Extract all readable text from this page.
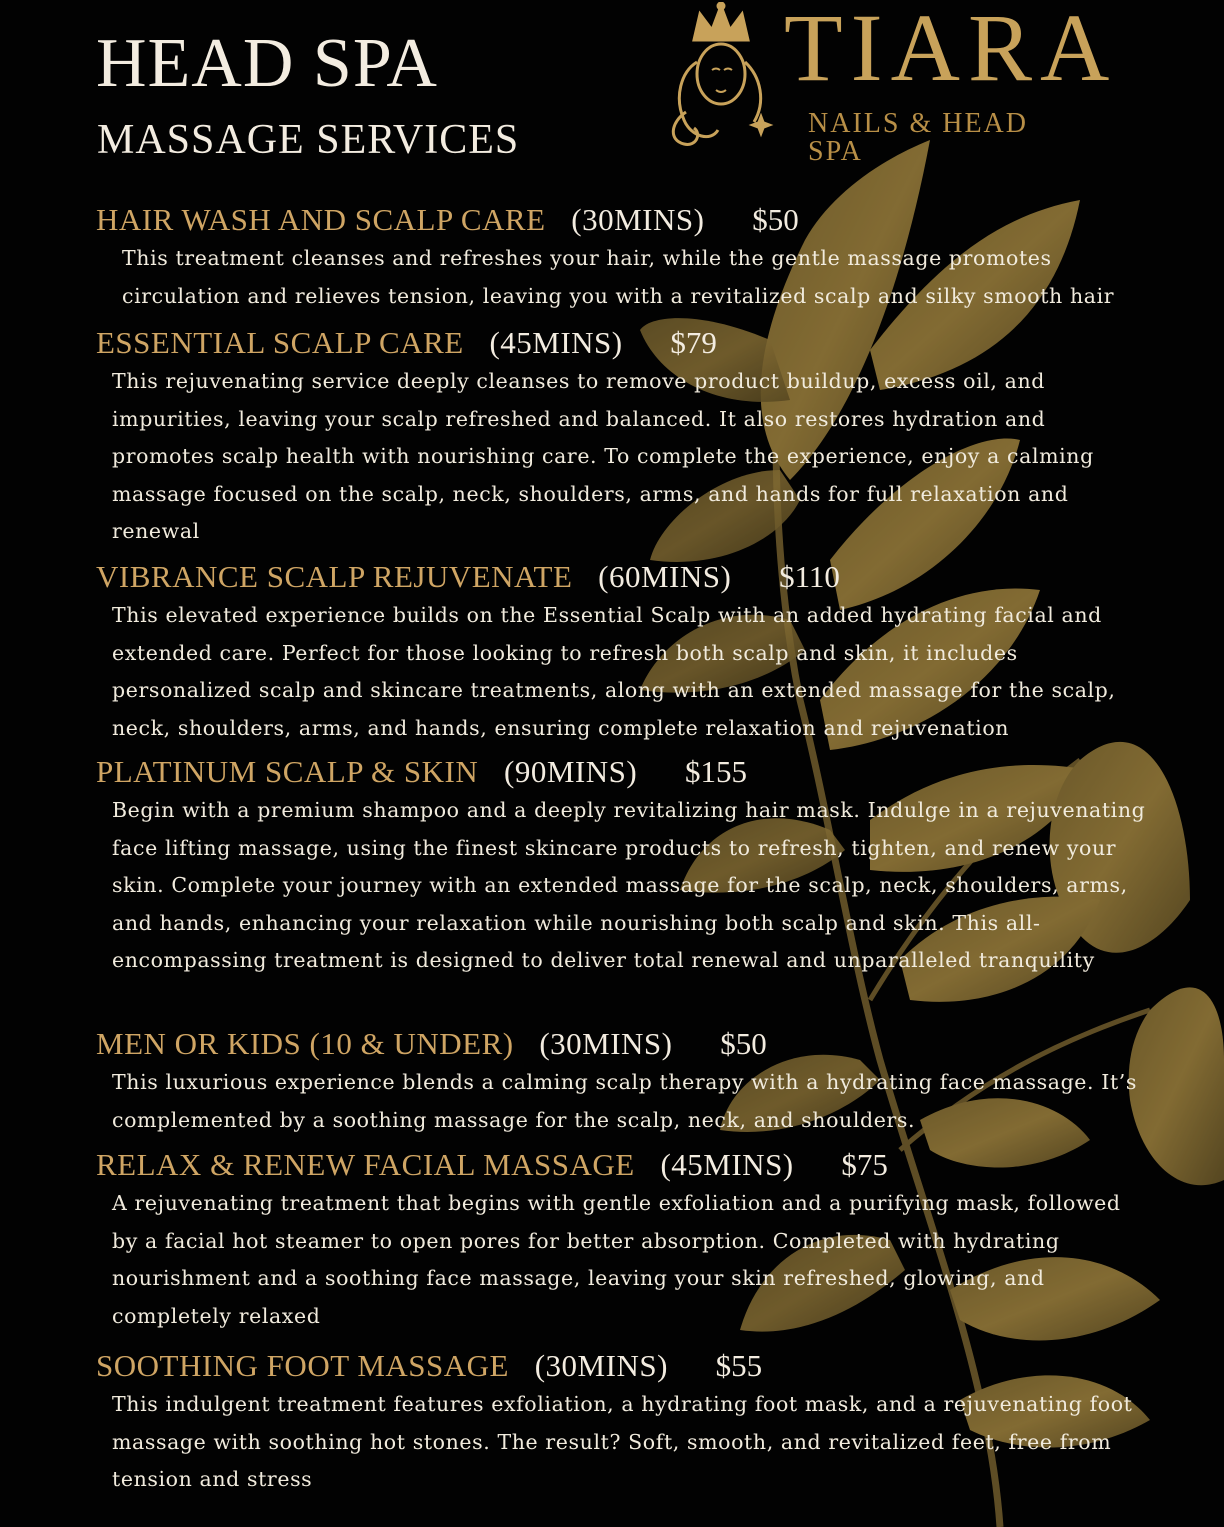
HEAD SPA
MASSAGE SERVICES
TIARA
NAILS & HEAD SPA
HAIR WASH AND SCALP CARE (30MINS) $50

This treatment cleanses and refreshes your hair, while the gentle massage promotes circulation and relieves tension, leaving you with a revitalized scalp and silky smooth hair

ESSENTIAL SCALP CARE (45MINS) $79

This rejuvenating service deeply cleanses to remove product buildup, excess oil, and impurities, leaving your scalp refreshed and balanced. It also restores hydration and promotes scalp health with nourishing care. To complete the experience, enjoy a calming massage focused on the scalp, neck, shoulders, arms, and hands for full relaxation and renewal

VIBRANCE SCALP REJUVENATE (60MINS) $110

This elevated experience builds on the Essential Scalp with an added hydrating facial and extended care. Perfect for those looking to refresh both scalp and skin, it includes personalized scalp and skincare treatments, along with an extended massage for the scalp, neck, shoulders, arms, and hands, ensuring complete relaxation and rejuvenation

PLATINUM SCALP & SKIN (90MINS) $155

Begin with a premium shampoo and a deeply revitalizing hair mask. Indulge in a rejuvenating face lifting massage, using the finest skincare products to refresh, tighten, and renew your skin. Complete your journey with an extended massage for the scalp, neck, shoulders, arms, and hands, enhancing your relaxation while nourishing both scalp and skin. This all-encompassing treatment is designed to deliver total renewal and unparalleled tranquility

MEN OR KIDS (10 & UNDER) (30MINS) $50

This luxurious experience blends a calming scalp therapy with a hydrating face massage. It’s complemented by a soothing massage for the scalp, neck, and shoulders.

RELAX & RENEW FACIAL MASSAGE (45MINS) $75

A rejuvenating treatment that begins with gentle exfoliation and a purifying mask, followed by a facial hot steamer to open pores for better absorption. Completed with hydrating nourishment and a soothing face massage, leaving your skin refreshed, glowing, and completely relaxed

SOOTHING FOOT MASSAGE (30MINS) $55

This indulgent treatment features exfoliation, a hydrating foot mask, and a rejuvenating foot massage with soothing hot stones. The result? Soft, smooth, and revitalized feet, free from tension and stress
